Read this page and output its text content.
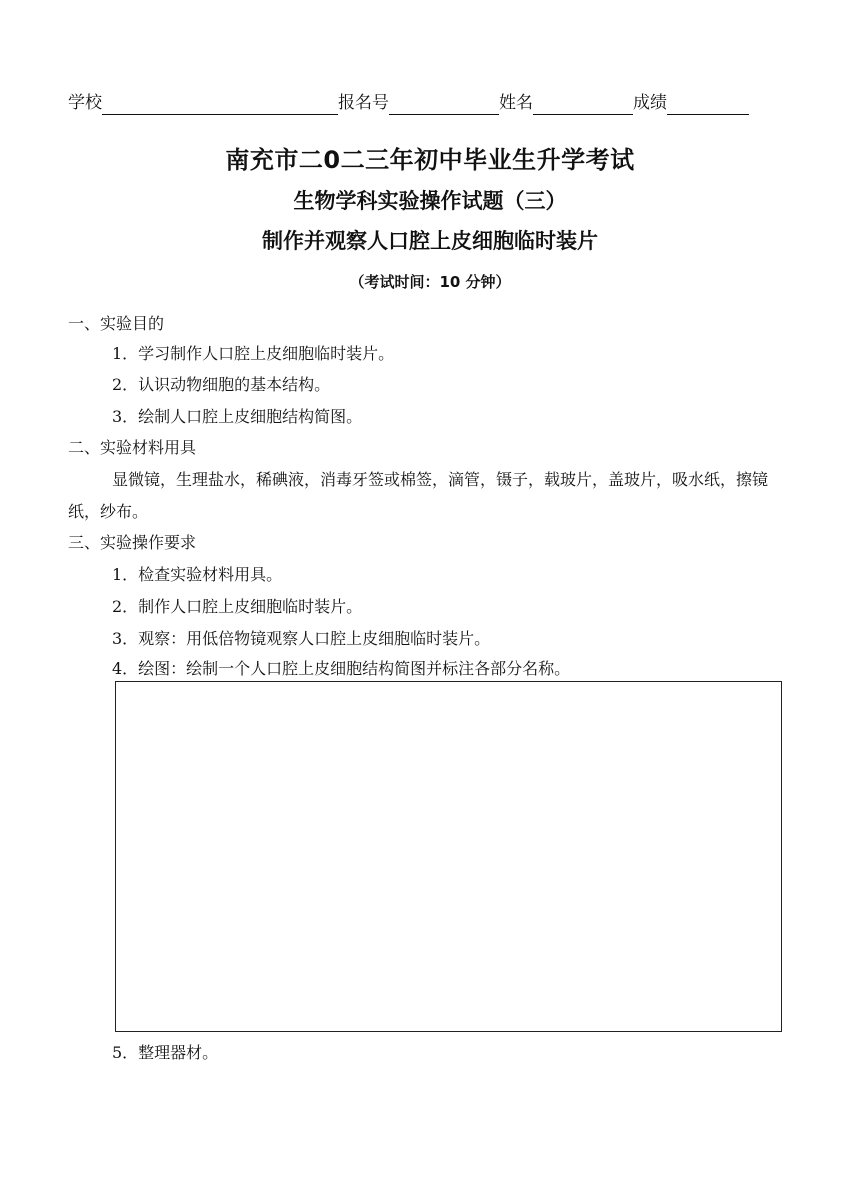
学校	报名号	姓名	成绩
南充市二0二三年初中毕业生升学考试
生物学科实验操作试题（三）
制作并观察人口腔上皮细胞临时装片
（考试时间：10 分钟）
一、实验目的
1．学习制作人口腔上皮细胞临时装片。
2．认识动物细胞的基本结构。
3．绘制人口腔上皮细胞结构简图。
二、实验材料用具
显微镜，生理盐水，稀碘液，消毒牙签或棉签，滴管，镊子，载玻片，盖玻片，吸水纸，擦镜纸，纱布。
三、实验操作要求
1．检查实验材料用具。
2．制作人口腔上皮细胞临时装片。
3．观察：用低倍物镜观察人口腔上皮细胞临时装片。
4．绘图：绘制一个人口腔上皮细胞结构简图并标注各部分名称。
5．整理器材。
